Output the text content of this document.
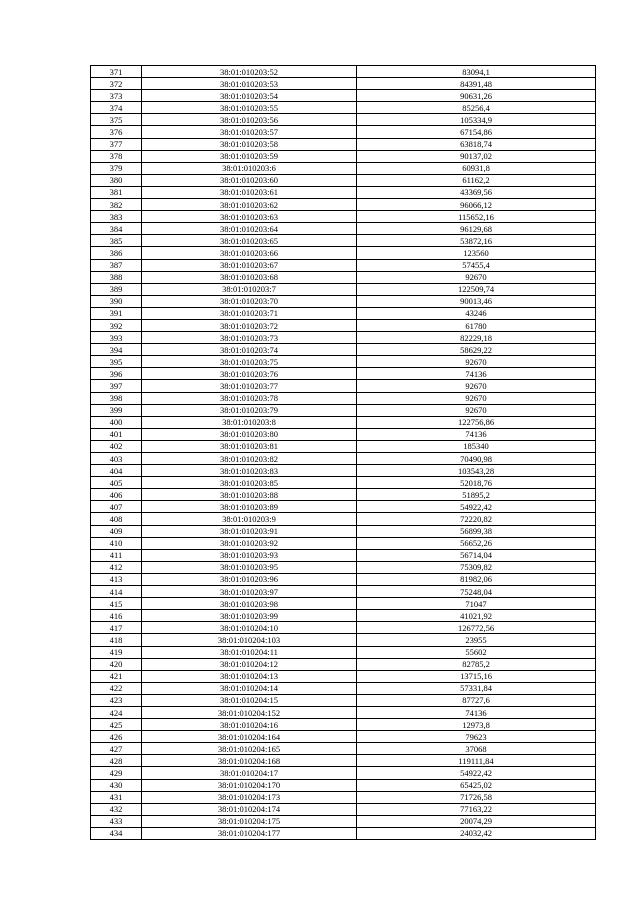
371	38:01:010203:52	83094,1
372	38:01:010203:53	84391,48
373	38:01:010203:54	90631,26
374	38:01:010203:55	85256,4
375	38:01:010203:56	105334,9
376	38:01:010203:57	67154,86
377	38:01:010203:58	63818,74
378	38:01:010203:59	90137,02
379	38:01:010203:6	60931,8
380	38:01:010203:60	61162,2
381	38:01:010203:61	43369,56
382	38:01:010203:62	96066,12
383	38:01:010203:63	115652,16
384	38:01:010203:64	96129,68
385	38:01:010203:65	53872,16
386	38:01:010203:66	123560
387	38:01:010203:67	57455,4
388	38:01:010203:68	92670
389	38:01:010203:7	122509,74
390	38:01:010203:70	90013,46
391	38:01:010203:71	43246
392	38:01:010203:72	61780
393	38:01:010203:73	82229,18
394	38:01:010203:74	58629,22
395	38:01:010203:75	92670
396	38:01:010203:76	74136
397	38:01:010203:77	92670
398	38:01:010203:78	92670
399	38:01:010203:79	92670
400	38:01:010203:8	122756,86
401	38:01:010203:80	74136
402	38:01:010203:81	185340
403	38:01:010203:82	70490,98
404	38:01:010203:83	103543,28
405	38:01:010203:85	52018,76
406	38:01:010203:88	51895,2
407	38:01:010203:89	54922,42
408	38:01:010203:9	72220,82
409	38:01:010203:91	56899,38
410	38:01:010203:92	56652,26
411	38:01:010203:93	56714,04
412	38:01:010203:95	75309,82
413	38:01:010203:96	81982,06
414	38:01:010203:97	75248,04
415	38:01:010203:98	71047
416	38:01:010203:99	41021,92
417	38:01:010204:10	126772,56
418	38:01:010204:103	23955
419	38:01:010204:11	55602
420	38:01:010204:12	82785,2
421	38:01:010204:13	13715,16
422	38:01:010204:14	57331,84
423	38:01:010204:15	87727,6
424	38:01:010204:152	74136
425	38:01:010204:16	12973,8
426	38:01:010204:164	79623
427	38:01:010204:165	37068
428	38:01:010204:168	119111,84
429	38:01:010204:17	54922,42
430	38:01:010204:170	65425,02
431	38:01:010204:173	71726,58
432	38:01:010204:174	77163,22
433	38:01:010204:175	20074,29
434	38:01:010204:177	24032,42
